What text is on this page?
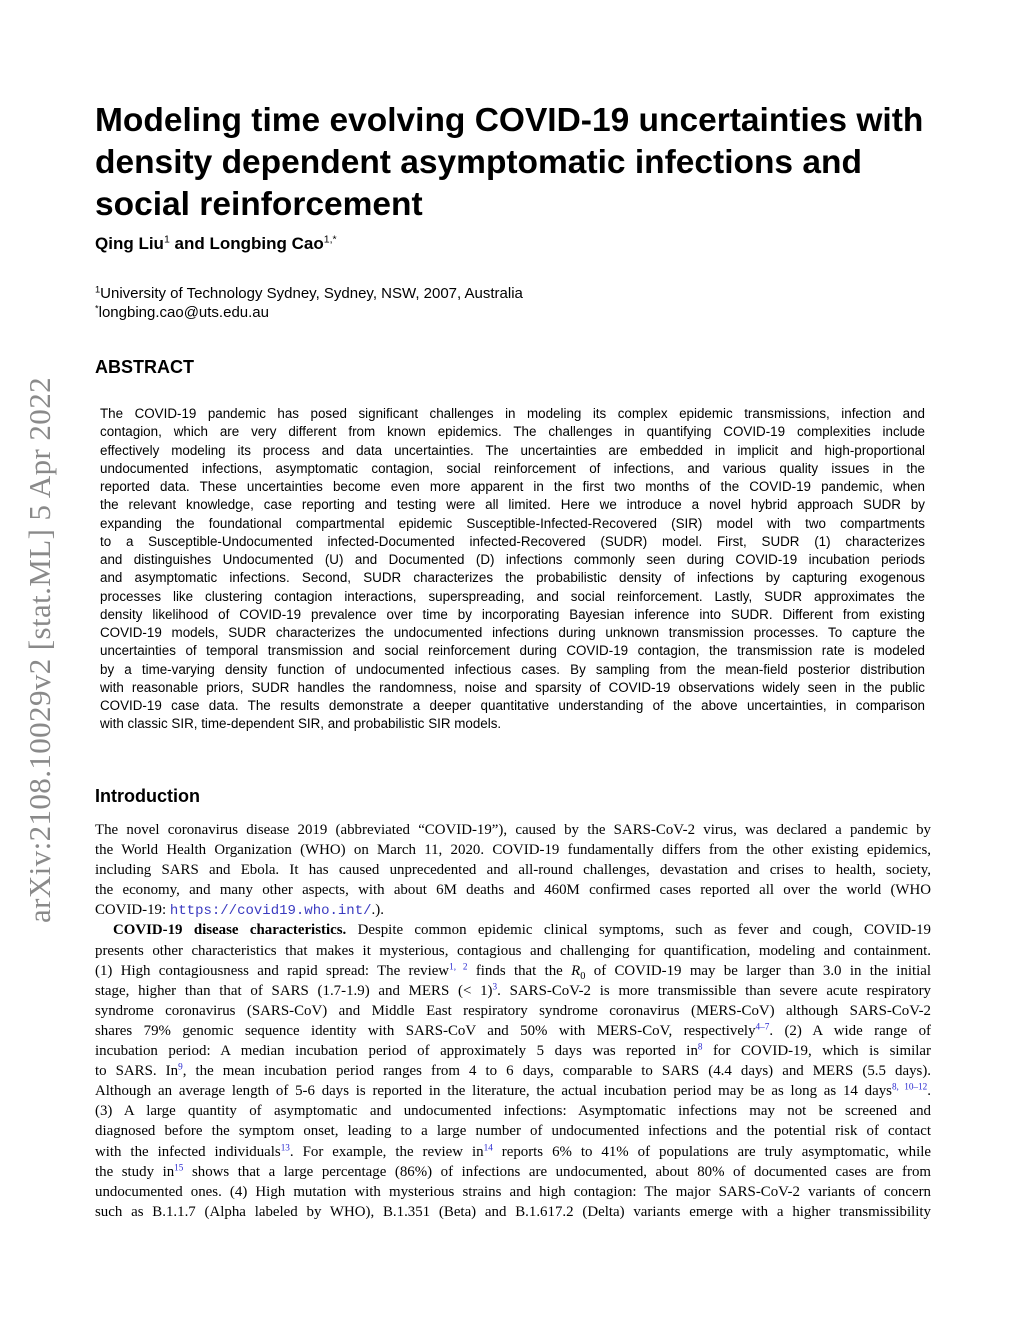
arXiv:2108.10029v2 [stat.ML] 5 Apr 2022
Modeling time evolving COVID-19 uncertainties with
density dependent asymptomatic infections and
social reinforcement
Qing Liu$^1$ and Longbing Cao$^{1,*}$
$^1$University of Technology Sydney, Sydney, NSW, 2007, Australia
*longbing.cao@uts.edu.au
ABSTRACT
The COVID-19 pandemic has posed significant challenges in modeling its complex epidemic transmissions, infection and
contagion, which are very different from known epidemics. The challenges in quantifying COVID-19 complexities include
effectively modeling its process and data uncertainties. The uncertainties are embedded in implicit and high-proportional
undocumented infections, asymptomatic contagion, social reinforcement of infections, and various quality issues in the
reported data. These uncertainties become even more apparent in the first two months of the COVID-19 pandemic, when
the relevant knowledge, case reporting and testing were all limited. Here we introduce a novel hybrid approach SUDR by
expanding the foundational compartmental epidemic Susceptible-Infected-Recovered (SIR) model with two compartments
to a Susceptible-Undocumented infected-Documented infected-Recovered (SUDR) model. First, SUDR (1) characterizes
and distinguishes Undocumented (U) and Documented (D) infections commonly seen during COVID-19 incubation periods
and asymptomatic infections. Second, SUDR characterizes the probabilistic density of infections by capturing exogenous
processes like clustering contagion interactions, superspreading, and social reinforcement. Lastly, SUDR approximates the
density likelihood of COVID-19 prevalence over time by incorporating Bayesian inference into SUDR. Different from existing
COVID-19 models, SUDR characterizes the undocumented infections during unknown transmission processes. To capture the
uncertainties of temporal transmission and social reinforcement during COVID-19 contagion, the transmission rate is modeled
by a time-varying density function of undocumented infectious cases. By sampling from the mean-field posterior distribution
with reasonable priors, SUDR handles the randomness, noise and sparsity of COVID-19 observations widely seen in the public
COVID-19 case data. The results demonstrate a deeper quantitative understanding of the above uncertainties, in comparison
with classic SIR, time-dependent SIR, and probabilistic SIR models.
Introduction
The novel coronavirus disease 2019 (abbreviated “COVID-19”), caused by the SARS-CoV-2 virus, was declared a pandemic by
the World Health Organization (WHO) on March 11, 2020. COVID-19 fundamentally differs from the other existing epidemics,
including SARS and Ebola. It has caused unprecedented and all-round challenges, devastation and crises to health, society,
the economy, and many other aspects, with about 6M deaths and 460M confirmed cases reported all over the world (WHO
COVID-19: https://covid19.who.int/.).
COVID-19 disease characteristics. Despite common epidemic clinical symptoms, such as fever and cough, COVID-19
presents other characteristics that makes it mysterious, contagious and challenging for quantification, modeling and containment.
(1) High contagiousness and rapid spread: The review$^{1, 2}$ finds that the $R_0$ of COVID-19 may be larger than 3.0 in the initial
stage, higher than that of SARS (1.7-1.9) and MERS (< 1)$^3$. SARS-CoV-2 is more transmissible than severe acute respiratory
syndrome coronavirus (SARS-CoV) and Middle East respiratory syndrome coronavirus (MERS-CoV) although SARS-CoV-2
shares 79% genomic sequence identity with SARS-CoV and 50% with MERS-CoV, respectively$^{4-7}$. (2) A wide range of
incubation period: A median incubation period of approximately 5 days was reported in$^8$ for COVID-19, which is similar
to SARS. In$^9$, the mean incubation period ranges from 4 to 6 days, comparable to SARS (4.4 days) and MERS (5.5 days).
Although an average length of 5-6 days is reported in the literature, the actual incubation period may be as long as 14 days$^{8, 10-12}$.
(3) A large quantity of asymptomatic and undocumented infections: Asymptomatic infections may not be screened and
diagnosed before the symptom onset, leading to a large number of undocumented infections and the potential risk of contact
with the infected individuals$^{13}$. For example, the review in$^{14}$ reports 6% to 41% of populations are truly asymptomatic, while
the study in$^{15}$ shows that a large percentage (86%) of infections are undocumented, about 80% of documented cases are from
undocumented ones. (4) High mutation with mysterious strains and high contagion: The major SARS-CoV-2 variants of concern
such as B.1.1.7 (Alpha labeled by WHO), B.1.351 (Beta) and B.1.617.2 (Delta) variants emerge with a higher transmissibility
